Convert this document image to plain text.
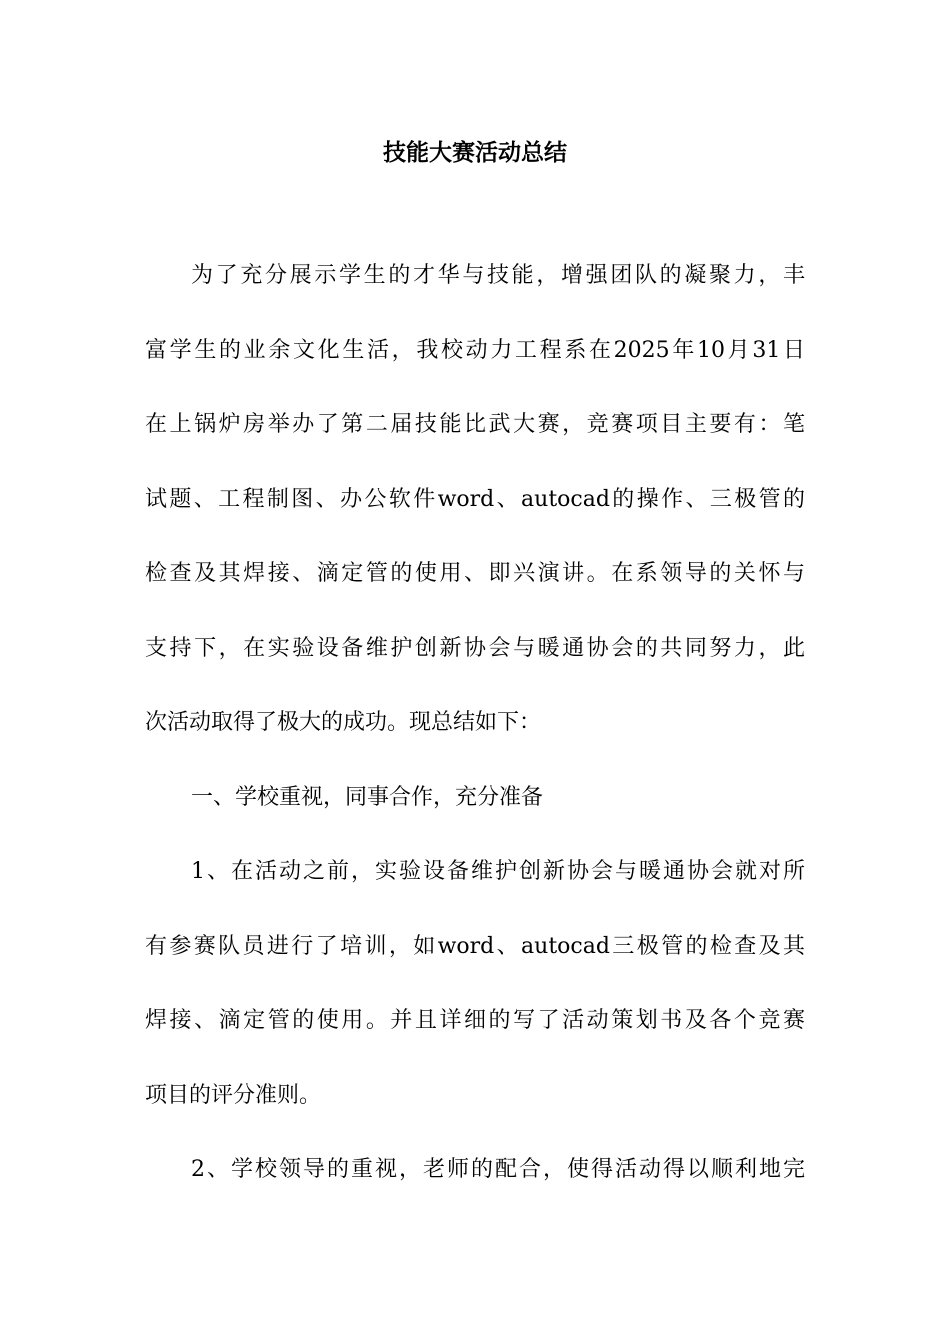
技能大赛活动总结
为了充分展示学生的才华与技能，增强团队的凝聚力，丰
富学生的业余文化生活，我校动力工程系在2025年10月31日
在上锅炉房举办了第二届技能比武大赛，竞赛项目主要有：笔
试题、工程制图、办公软件word、autocad的操作、三极管的
检查及其焊接、滴定管的使用、即兴演讲。在系领导的关怀与
支持下，在实验设备维护创新协会与暖通协会的共同努力，此
次活动取得了极大的成功。现总结如下：
一、学校重视，同事合作，充分准备
1、在活动之前，实验设备维护创新协会与暖通协会就对所
有参赛队员进行了培训，如word、autocad三极管的检查及其
焊接、滴定管的使用。并且详细的写了活动策划书及各个竞赛
项目的评分准则。
2、学校领导的重视，老师的配合，使得活动得以顺利地完
